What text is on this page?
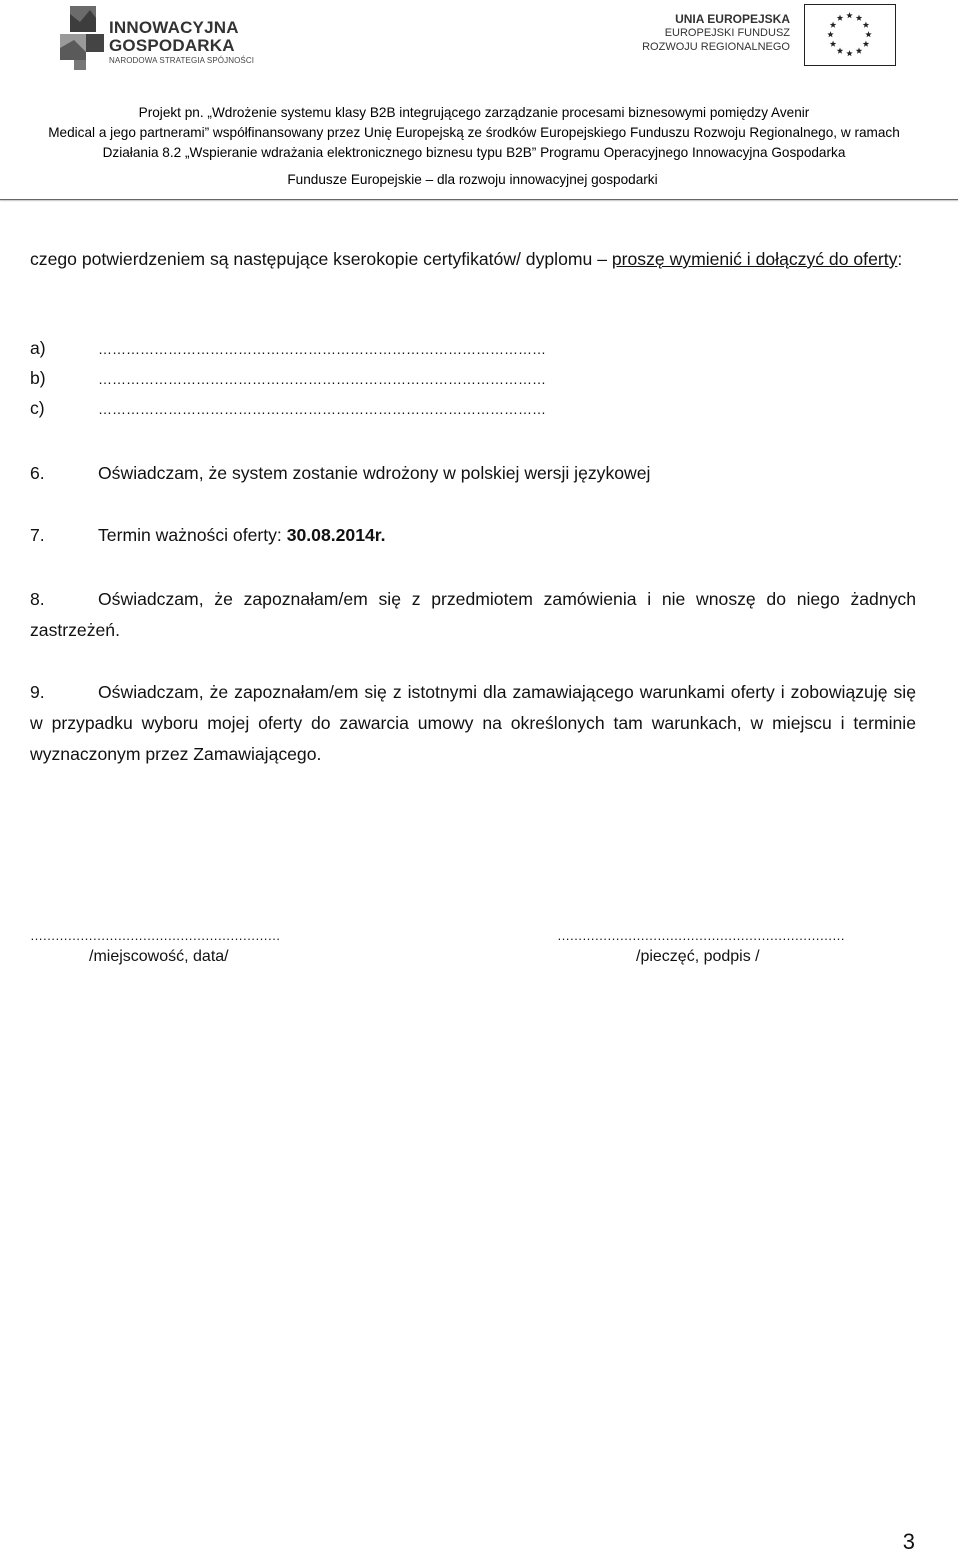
INNOWACYJNA
GOSPODARKA
NARODOWA STRATEGIA SPÓJNOŚCI
UNIA EUROPEJSKA
EUROPEJSKI FUNDUSZ
ROZWOJU REGIONALNEGO
Projekt pn. „Wdrożenie systemu klasy B2B integrującego zarządzanie procesami biznesowymi pomiędzy Avenir
Medical a jego partnerami” współfinansowany przez Unię Europejską ze środków Europejskiego Funduszu Rozwoju Regionalnego, w ramach
Działania 8.2 „Wspieranie wdrażania elektronicznego biznesu typu B2B” Programu Operacyjnego Innowacyjna Gospodarka
Fundusze Europejskie – dla rozwoju innowacyjnej gospodarki
czego potwierdzeniem są następujące kserokopie certyfikatów/ dyplomu – proszę wymienić i dołączyć do oferty:
a)	……………………………………………………………………………………
b)	……………………………………………………………………………………
c)	……………………………………………………………………………………
6.	Oświadczam, że system zostanie wdrożony w polskiej wersji językowej
7.	Termin ważności oferty: 30.08.2014r.
8.	Oświadczam, że zapoznałam/em się z przedmiotem zamówienia i nie wnoszę do niego żadnych zastrzeżeń.
9.	Oświadczam, że zapoznałam/em się z istotnymi dla zamawiającego warunkami oferty i zobowiązuję się w przypadku wyboru mojej oferty do zawarcia umowy na określonych tam warunkach, w miejscu i terminie wyznaczonym przez Zamawiającego.
……………………………………………………
/miejscowość, data/
……………………………………………………………
/pieczęć, podpis /
3
